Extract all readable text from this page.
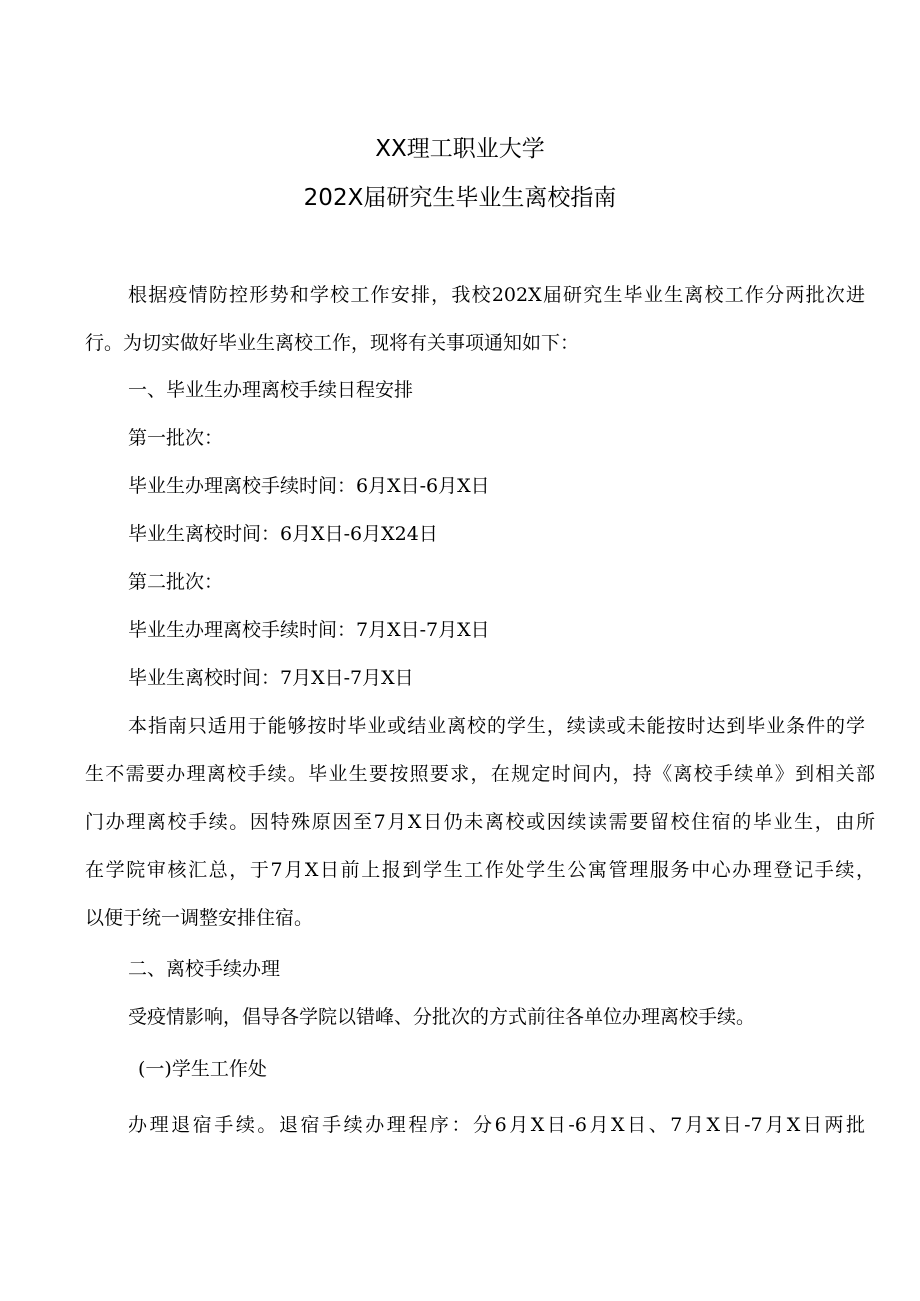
XX理工职业大学
202X届研究生毕业生离校指南
根据疫情防控形势和学校工作安排，我校202X届研究生毕业生离校工作分两批次进
行。为切实做好毕业生离校工作，现将有关事项通知如下：
一、毕业生办理离校手续日程安排
第一批次：
毕业生办理离校手续时间：6月X日-6月X日
毕业生离校时间：6月X日-6月X24日
第二批次：
毕业生办理离校手续时间：7月X日-7月X日
毕业生离校时间：7月X日-7月X日
本指南只适用于能够按时毕业或结业离校的学生，续读或未能按时达到毕业条件的学
生不需要办理离校手续。毕业生要按照要求，在规定时间内，持《离校手续单》到相关部
门办理离校手续。因特殊原因至7月X日仍未离校或因续读需要留校住宿的毕业生，由所
在学院审核汇总，于7月X日前上报到学生工作处学生公寓管理服务中心办理登记手续，
以便于统一调整安排住宿。
二、离校手续办理
受疫情影响，倡导各学院以错峰、分批次的方式前往各单位办理离校手续。
(一)学生工作处
办理退宿手续。退宿手续办理程序：分6月X日-6月X日、7月X日-7月X日两批
